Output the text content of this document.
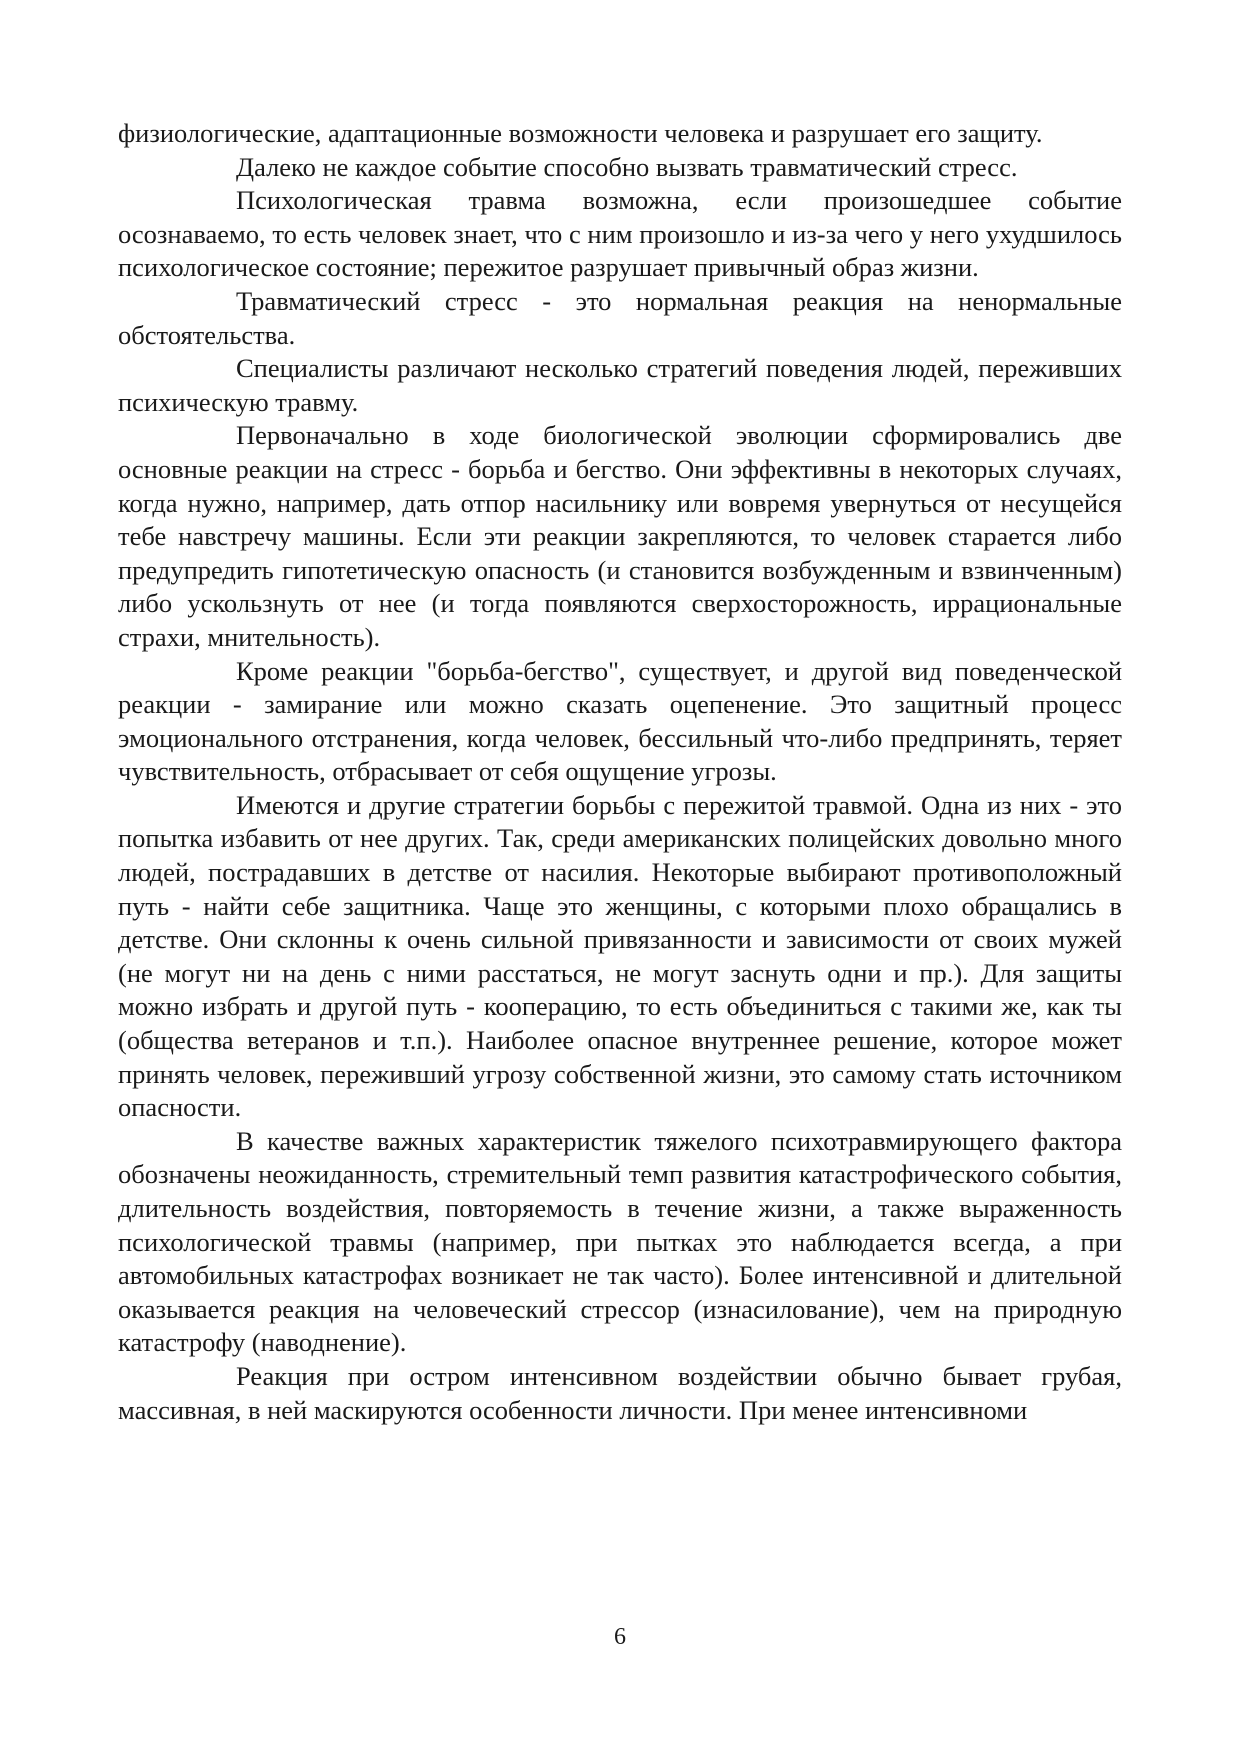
физиологические, адаптационные возможности человека и разрушает его защиту.

Далеко не каждое событие способно вызвать травматический стресс.

Психологическая травма возможна, если произошедшее событие осознаваемо, то есть человек знает, что с ним произошло и из-за чего у него ухудшилось психологическое состояние; пережитое разрушает привычный образ жизни.

Травматический стресс - это нормальная реакция на ненормальные обстоятельства.

Специалисты различают несколько стратегий поведения людей, переживших психическую травму.

Первоначально в ходе биологической эволюции сформировались две основные реакции на стресс - борьба и бегство. Они эффективны в некоторых случаях, когда нужно, например, дать отпор насильнику или вовремя увернуться от несущейся тебе навстречу машины. Если эти реакции закрепляются, то человек старается либо предупредить гипотетическую опасность (и становится возбужденным и взвинченным) либо ускользнуть от нее (и тогда появляются сверхосторожность, иррациональные страхи, мнительность).

Кроме реакции "борьба-бегство", существует, и другой вид поведенческой реакции - замирание или можно сказать оцепенение. Это защитный процесс эмоционального отстранения, когда человек, бессильный что-либо предпринять, теряет чувствительность, отбрасывает от себя ощущение угрозы.

Имеются и другие стратегии борьбы с пережитой травмой. Одна из них - это попытка избавить от нее других. Так, среди американских полицейских довольно много людей, пострадавших в детстве от насилия. Некоторые выбирают противоположный путь - найти себе защитника. Чаще это женщины, с которыми плохо обращались в детстве. Они склонны к очень сильной привязанности и зависимости от своих мужей (не могут ни на день с ними расстаться, не могут заснуть одни и пр.). Для защиты можно избрать и другой путь - кооперацию, то есть объединиться с такими же, как ты (общества ветеранов и т.п.). Наиболее опасное внутреннее решение, которое может принять человек, переживший угрозу собственной жизни, это самому стать источником опасности.

В качестве важных характеристик тяжелого психотравмирующего фактора обозначены неожиданность, стремительный темп развития катастрофического события, длительность воздействия, повторяемость в течение жизни, а также выраженность психологической травмы (например, при пытках это наблюдается всегда, а при автомобильных катастрофах возникает не так часто). Более интенсивной и длительной оказывается реакция на человеческий стрессор (изнасилование), чем на природную катастрофу (наводнение).

Реакция при остром интенсивном воздействии обычно бывает грубая, массивная, в ней маскируются особенности личности. При менее интенсивноми

6
